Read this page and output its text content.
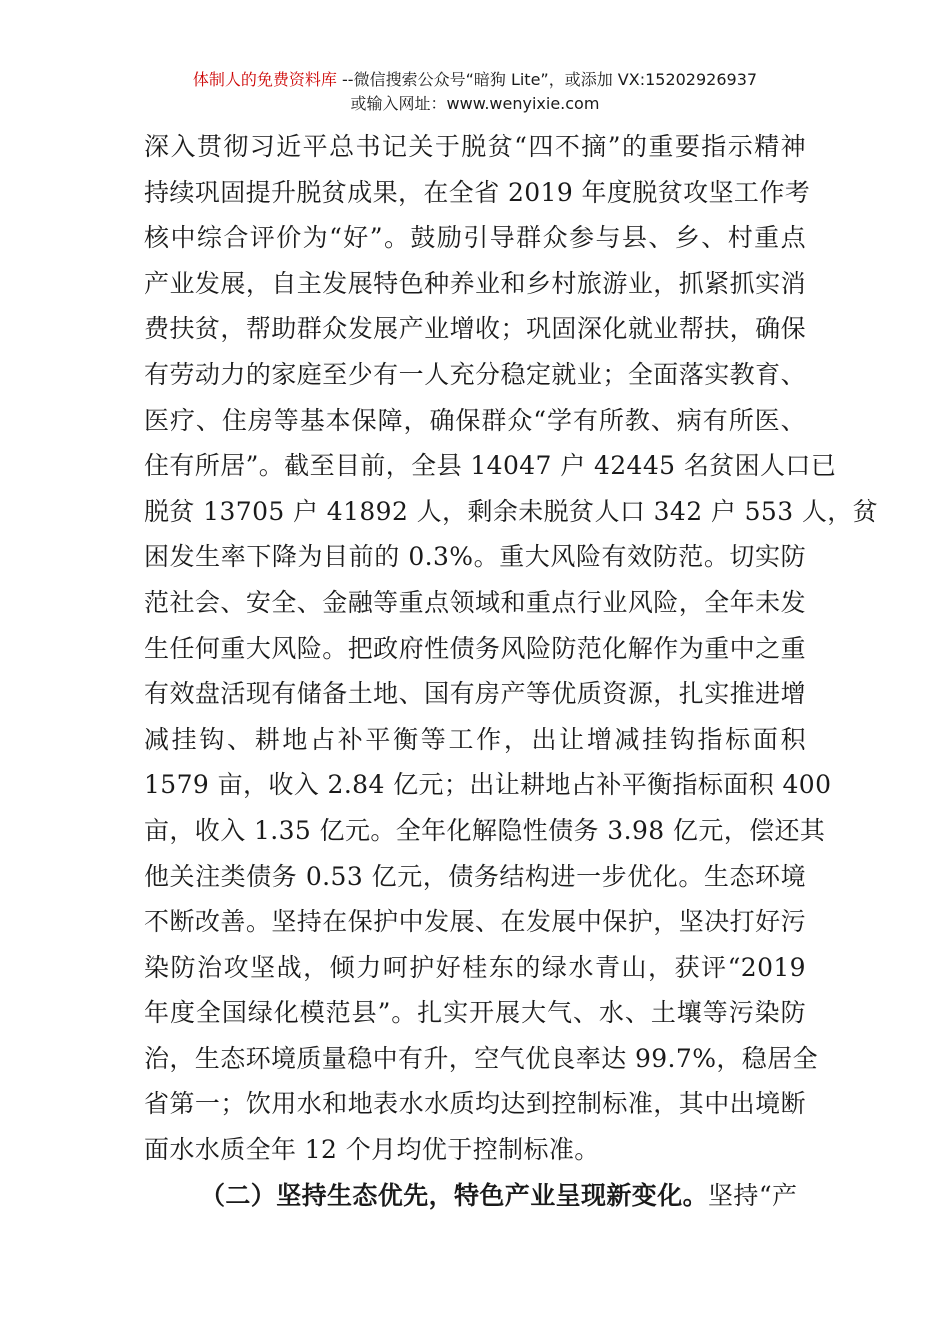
体制人的免费资料库 --微信搜索公众号“暗狗 Lite”，或添加 VX:15202926937
或输入网址：www.wenyixie.com
深入贯彻习近平总书记关于脱贫“四不摘”的重要指示精神
持续巩固提升脱贫成果，在全省 2019 年度脱贫攻坚工作考
核中综合评价为“好”。鼓励引导群众参与县、乡、村重点
产业发展，自主发展特色种养业和乡村旅游业，抓紧抓实消
费扶贫，帮助群众发展产业增收；巩固深化就业帮扶，确保
有劳动力的家庭至少有一人充分稳定就业；全面落实教育、
医疗、住房等基本保障，确保群众“学有所教、病有所医、
住有所居”。截至目前，全县 14047 户 42445 名贫困人口已
脱贫 13705 户 41892 人，剩余未脱贫人口 342 户 553 人，贫
困发生率下降为目前的 0.3%。重大风险有效防范。切实防
范社会、安全、金融等重点领域和重点行业风险，全年未发
生任何重大风险。把政府性债务风险防范化解作为重中之重
有效盘活现有储备土地、国有房产等优质资源，扎实推进增
减挂钩、耕地占补平衡等工作，出让增减挂钩指标面积
1579 亩，收入 2.84 亿元；出让耕地占补平衡指标面积 400
亩，收入 1.35 亿元。全年化解隐性债务 3.98 亿元，偿还其
他关注类债务 0.53 亿元，债务结构进一步优化。生态环境
不断改善。坚持在保护中发展、在发展中保护，坚决打好污
染防治攻坚战，倾力呵护好桂东的绿水青山，获评“2019
年度全国绿化模范县”。扎实开展大气、水、土壤等污染防
治，生态环境质量稳中有升，空气优良率达 99.7%，稳居全
省第一；饮用水和地表水水质均达到控制标准，其中出境断
面水水质全年 12 个月均优于控制标准。
（二）坚持生态优先，特色产业呈现新变化。坚持“产
